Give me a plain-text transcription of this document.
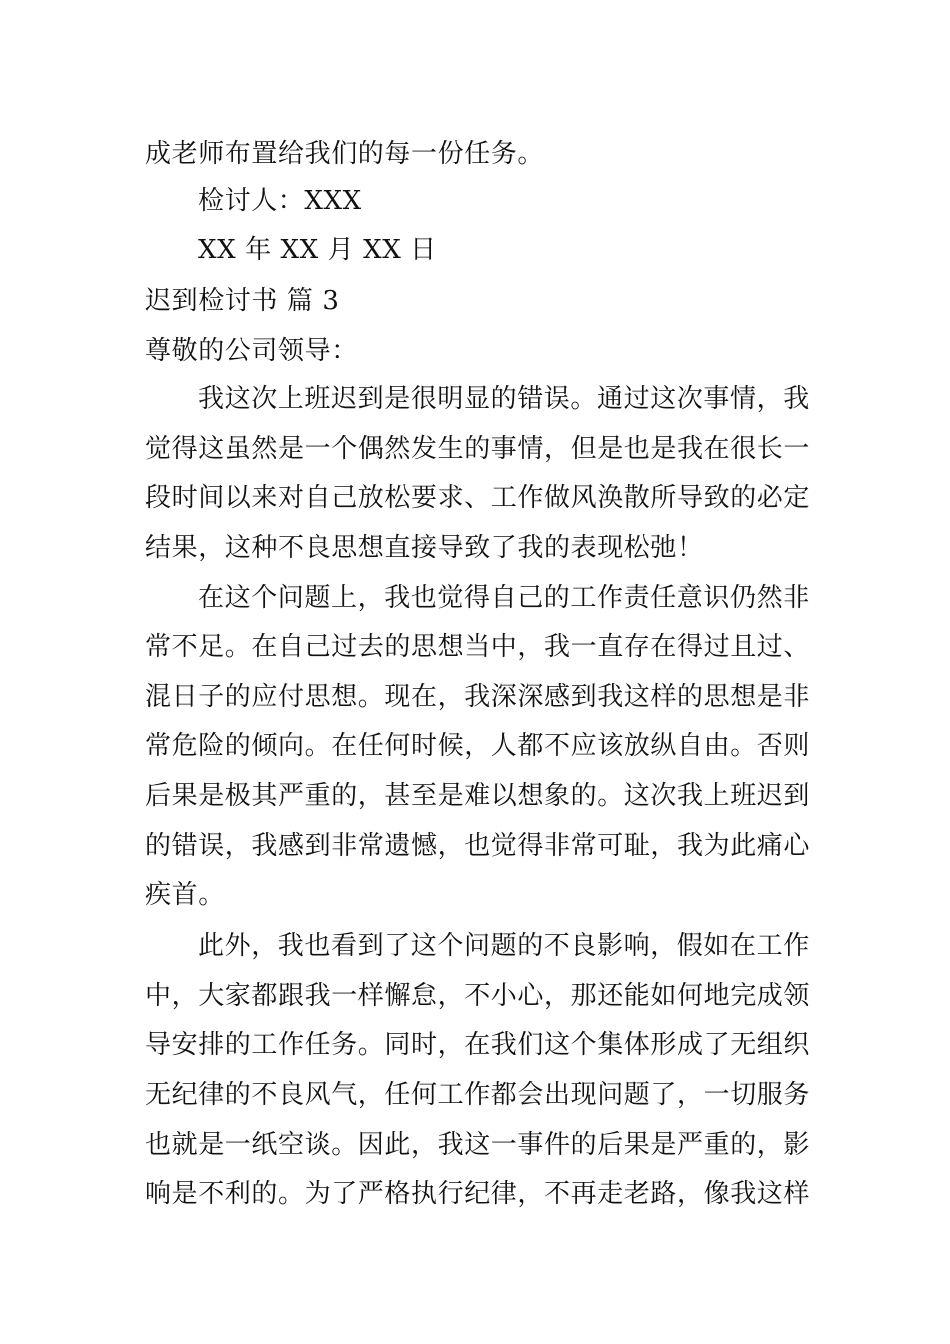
成老师布置给我们的每一份任务。
检讨人：XXX
XX 年 XX 月 XX 日
迟到检讨书 篇 3
尊敬的公司领导：
我这次上班迟到是很明显的错误。通过这次事情，我
觉得这虽然是一个偶然发生的事情，但是也是我在很长一
段时间以来对自己放松要求、工作做风涣散所导致的必定
结果，这种不良思想直接导致了我的表现松弛！
在这个问题上，我也觉得自己的工作责任意识仍然非
常不足。在自己过去的思想当中，我一直存在得过且过、
混日子的应付思想。现在，我深深感到我这样的思想是非
常危险的倾向。在任何时候，人都不应该放纵自由。否则
后果是极其严重的，甚至是难以想象的。这次我上班迟到
的错误，我感到非常遗憾，也觉得非常可耻，我为此痛心
疾首。
此外，我也看到了这个问题的不良影响，假如在工作
中，大家都跟我一样懈怠，不小心，那还能如何地完成领
导安排的工作任务。同时，在我们这个集体形成了无组织
无纪律的不良风气，任何工作都会出现问题了，一切服务
也就是一纸空谈。因此，我这一事件的后果是严重的，影
响是不利的。为了严格执行纪律，不再走老路，像我这样
